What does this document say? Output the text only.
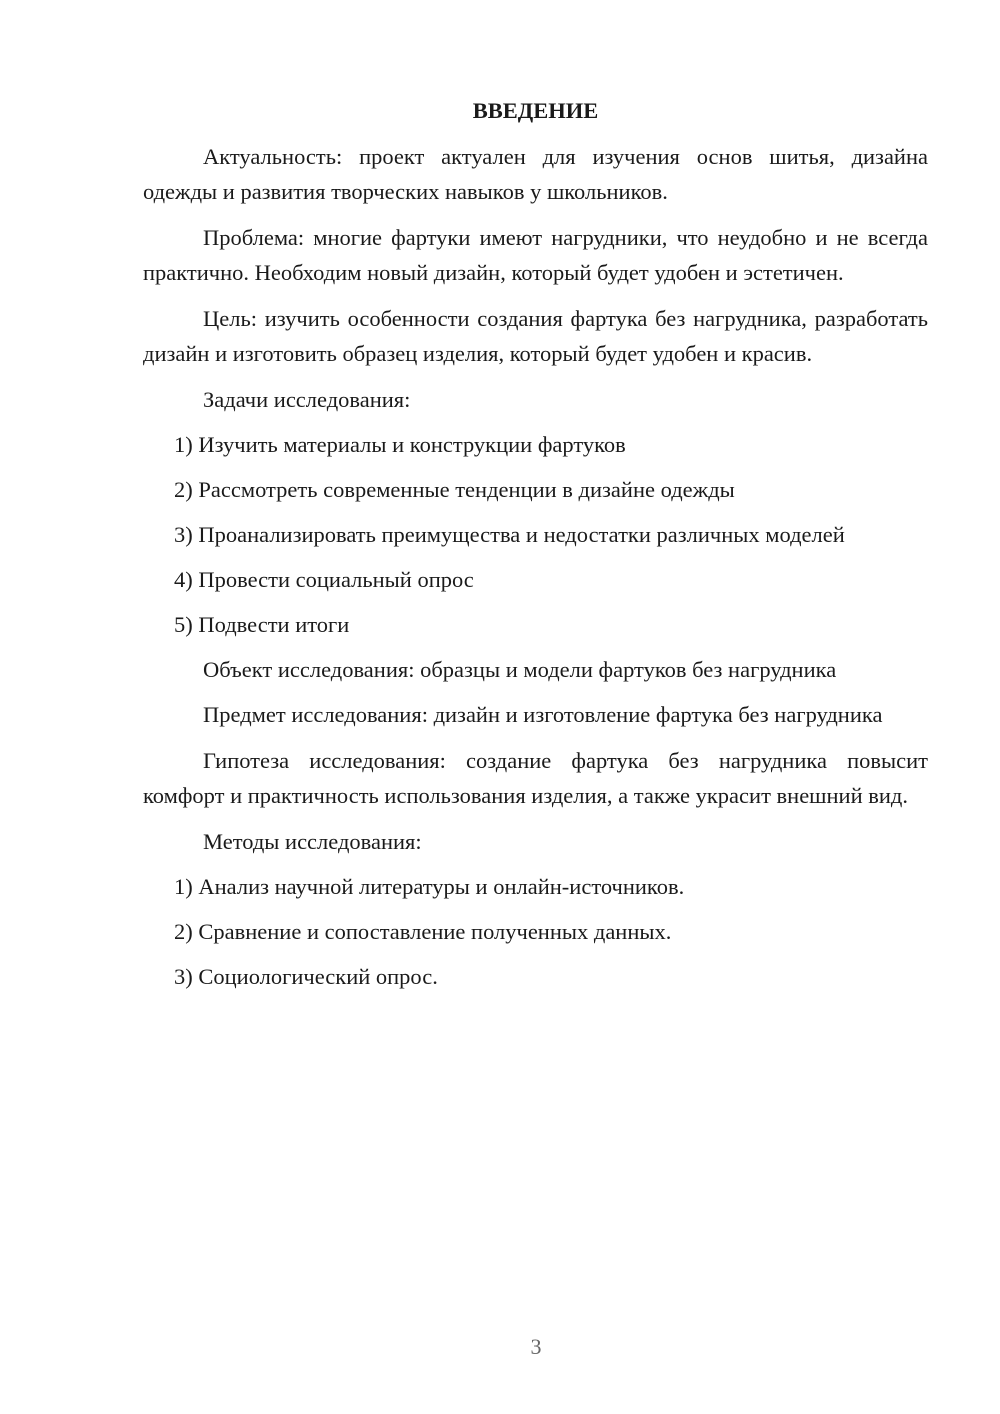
ВВЕДЕНИЕ

Актуальность: проект актуален для изучения основ шитья, дизайна одежды и развития творческих навыков у школьников.

Проблема: многие фартуки имеют нагрудники, что неудобно и не всегда практично. Необходим новый дизайн, который будет удобен и эстетичен.

Цель: изучить особенности создания фартука без нагрудника, разработать дизайн и изготовить образец изделия, который будет удобен и красив.

Задачи исследования:

1) Изучить материалы и конструкции фартуков
2) Рассмотреть современные тенденции в дизайне одежды
3) Проанализировать преимущества и недостатки различных моделей
4) Провести социальный опрос
5) Подвести итоги

Объект исследования: образцы и модели фартуков без нагрудника

Предмет исследования: дизайн и изготовление фартука без нагрудника

Гипотеза исследования: создание фартука без нагрудника повысит комфорт и практичность использования изделия, а также украсит внешний вид.

Методы исследования:

1) Анализ научной литературы и онлайн-источников.
2) Сравнение и сопоставление полученных данных.
3) Социологический опрос.
3
